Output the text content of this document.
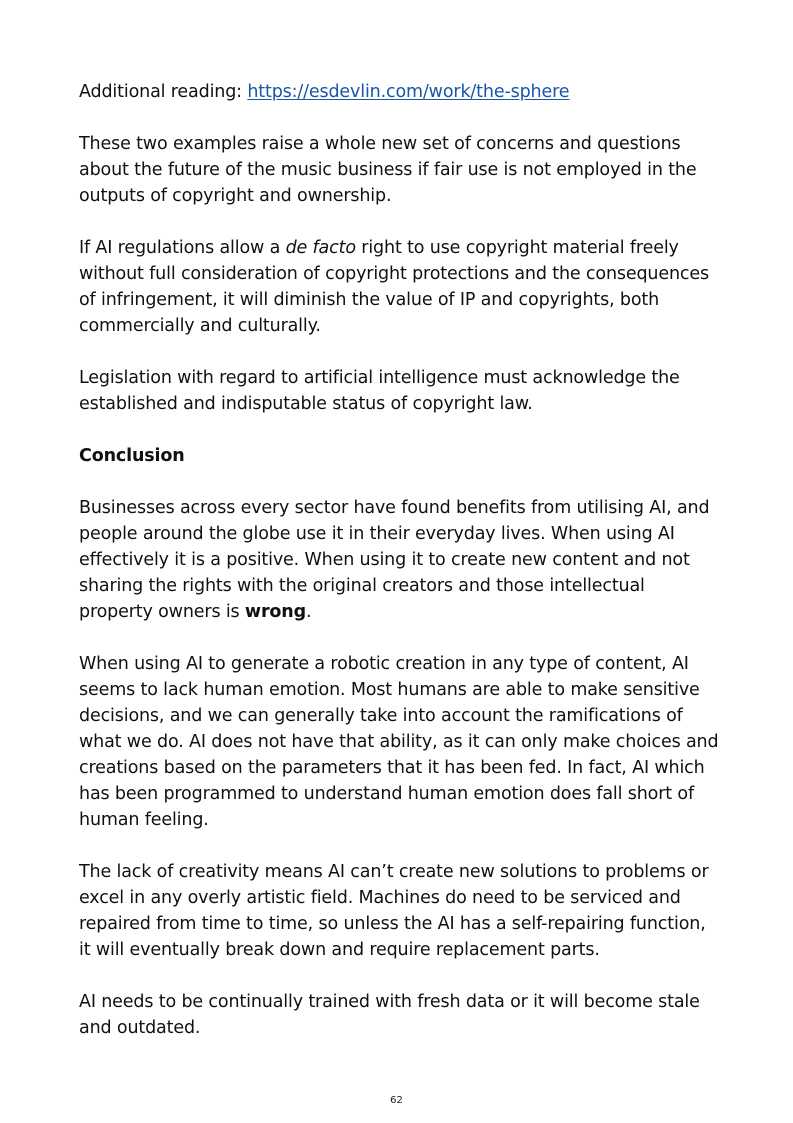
Additional reading: https://esdevlin.com/work/the-sphere

These two examples raise a whole new set of concerns and questions about the future of the music business if fair use is not employed in the outputs of copyright and ownership.

If AI regulations allow a de facto right to use copyright material freely without full consideration of copyright protections and the consequences of infringement, it will diminish the value of IP and copyrights, both commercially and culturally.

Legislation with regard to artificial intelligence must acknowledge the established and indisputable status of copyright law.

Conclusion

Businesses across every sector have found benefits from utilising AI, and people around the globe use it in their everyday lives. When using AI effectively it is a positive. When using it to create new content and not sharing the rights with the original creators and those intellectual property owners is wrong.

When using AI to generate a robotic creation in any type of content, AI seems to lack human emotion. Most humans are able to make sensitive decisions, and we can generally take into account the ramifications of what we do. AI does not have that ability, as it can only make choices and creations based on the parameters that it has been fed. In fact, AI which has been programmed to understand human emotion does fall short of human feeling.

The lack of creativity means AI can’t create new solutions to problems or excel in any overly artistic field. Machines do need to be serviced and repaired from time to time, so unless the AI has a self-repairing function, it will eventually break down and require replacement parts.

AI needs to be continually trained with fresh data or it will become stale and outdated.

62
